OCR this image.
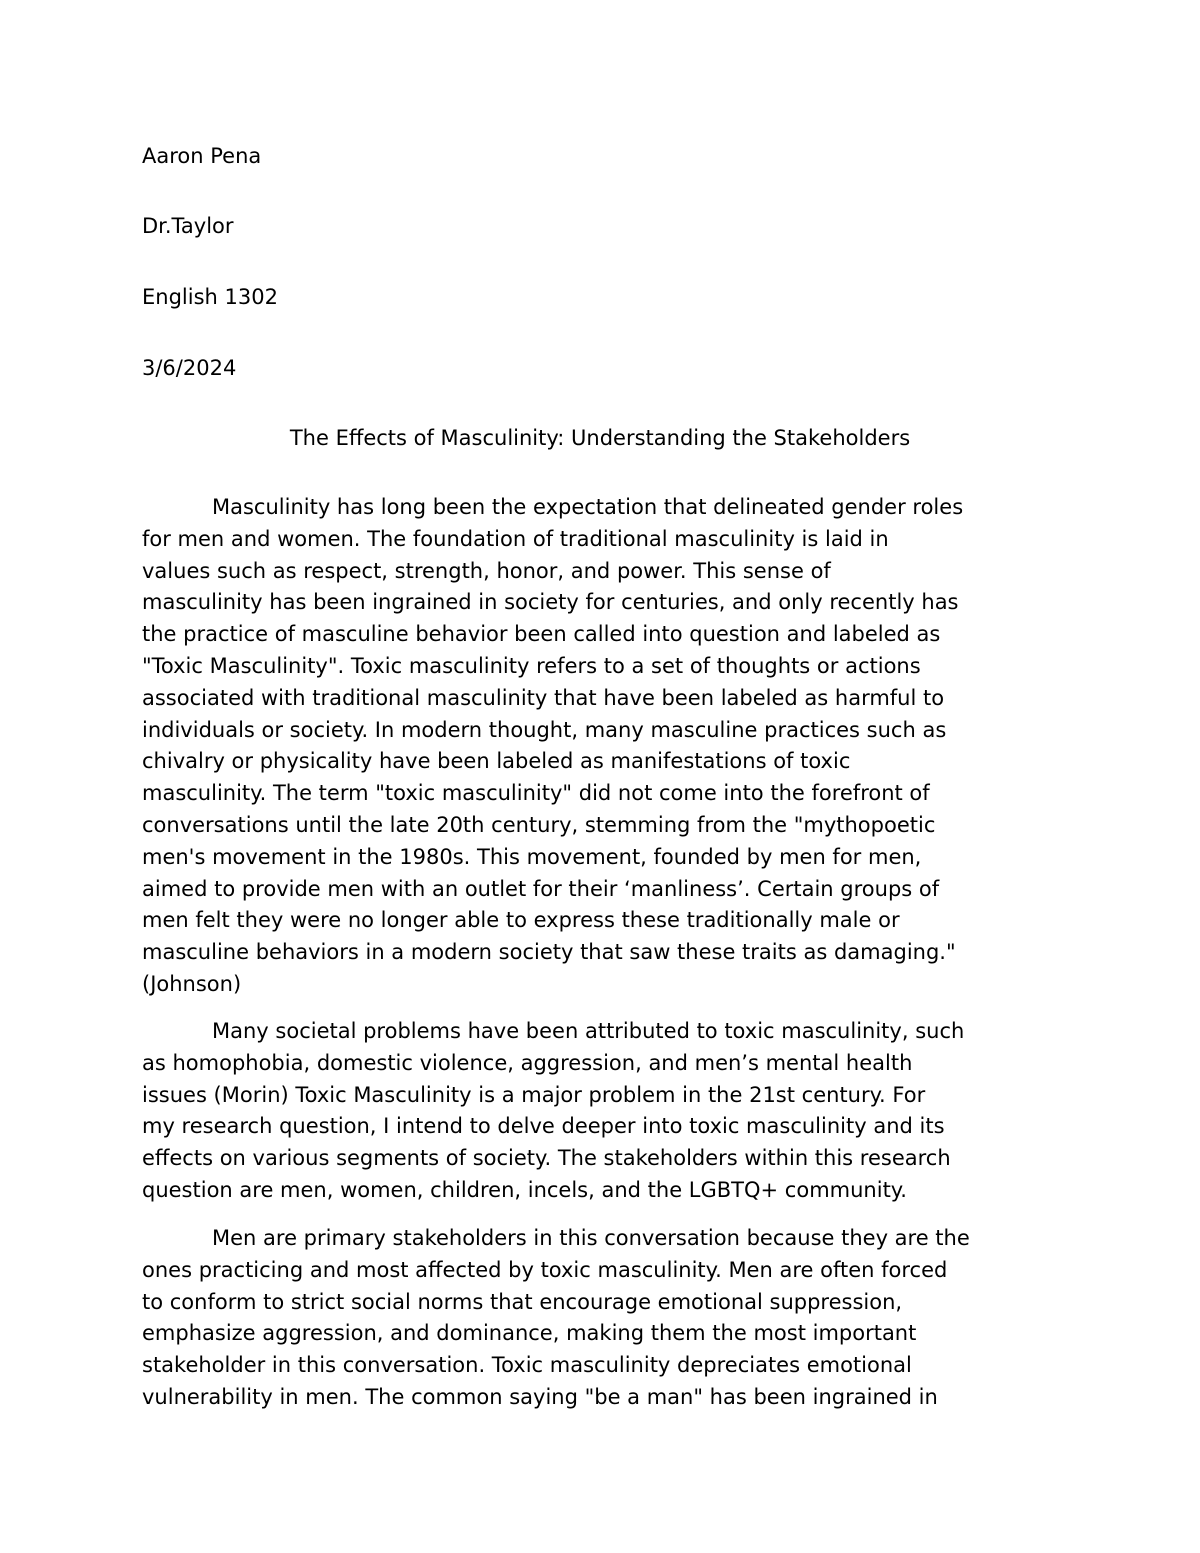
Aaron Pena
Dr.Taylor
English 1302
3/6/2024
The Effects of Masculinity: Understanding the Stakeholders
Masculinity has long been the expectation that delineated gender roles
for men and women. The foundation of traditional masculinity is laid in
values such as respect, strength, honor, and power. This sense of
masculinity has been ingrained in society for centuries, and only recently has
the practice of masculine behavior been called into question and labeled as
"Toxic Masculinity". Toxic masculinity refers to a set of thoughts or actions
associated with traditional masculinity that have been labeled as harmful to
individuals or society. In modern thought, many masculine practices such as
chivalry or physicality have been labeled as manifestations of toxic
masculinity. The term "toxic masculinity" did not come into the forefront of
conversations until the late 20th century, stemming from the "mythopoetic
men's movement in the 1980s. This movement, founded by men for men,
aimed to provide men with an outlet for their ‘manliness’. Certain groups of
men felt they were no longer able to express these traditionally male or
masculine behaviors in a modern society that saw these traits as damaging."
(Johnson)
Many societal problems have been attributed to toxic masculinity, such
as homophobia, domestic violence, aggression, and men’s mental health
issues (Morin) Toxic Masculinity is a major problem in the 21st century. For
my research question, I intend to delve deeper into toxic masculinity and its
effects on various segments of society. The stakeholders within this research
question are men, women, children, incels, and the LGBTQ+ community.
Men are primary stakeholders in this conversation because they are the
ones practicing and most affected by toxic masculinity. Men are often forced
to conform to strict social norms that encourage emotional suppression,
emphasize aggression, and dominance, making them the most important
stakeholder in this conversation. Toxic masculinity depreciates emotional
vulnerability in men. The common saying "be a man" has been ingrained in
